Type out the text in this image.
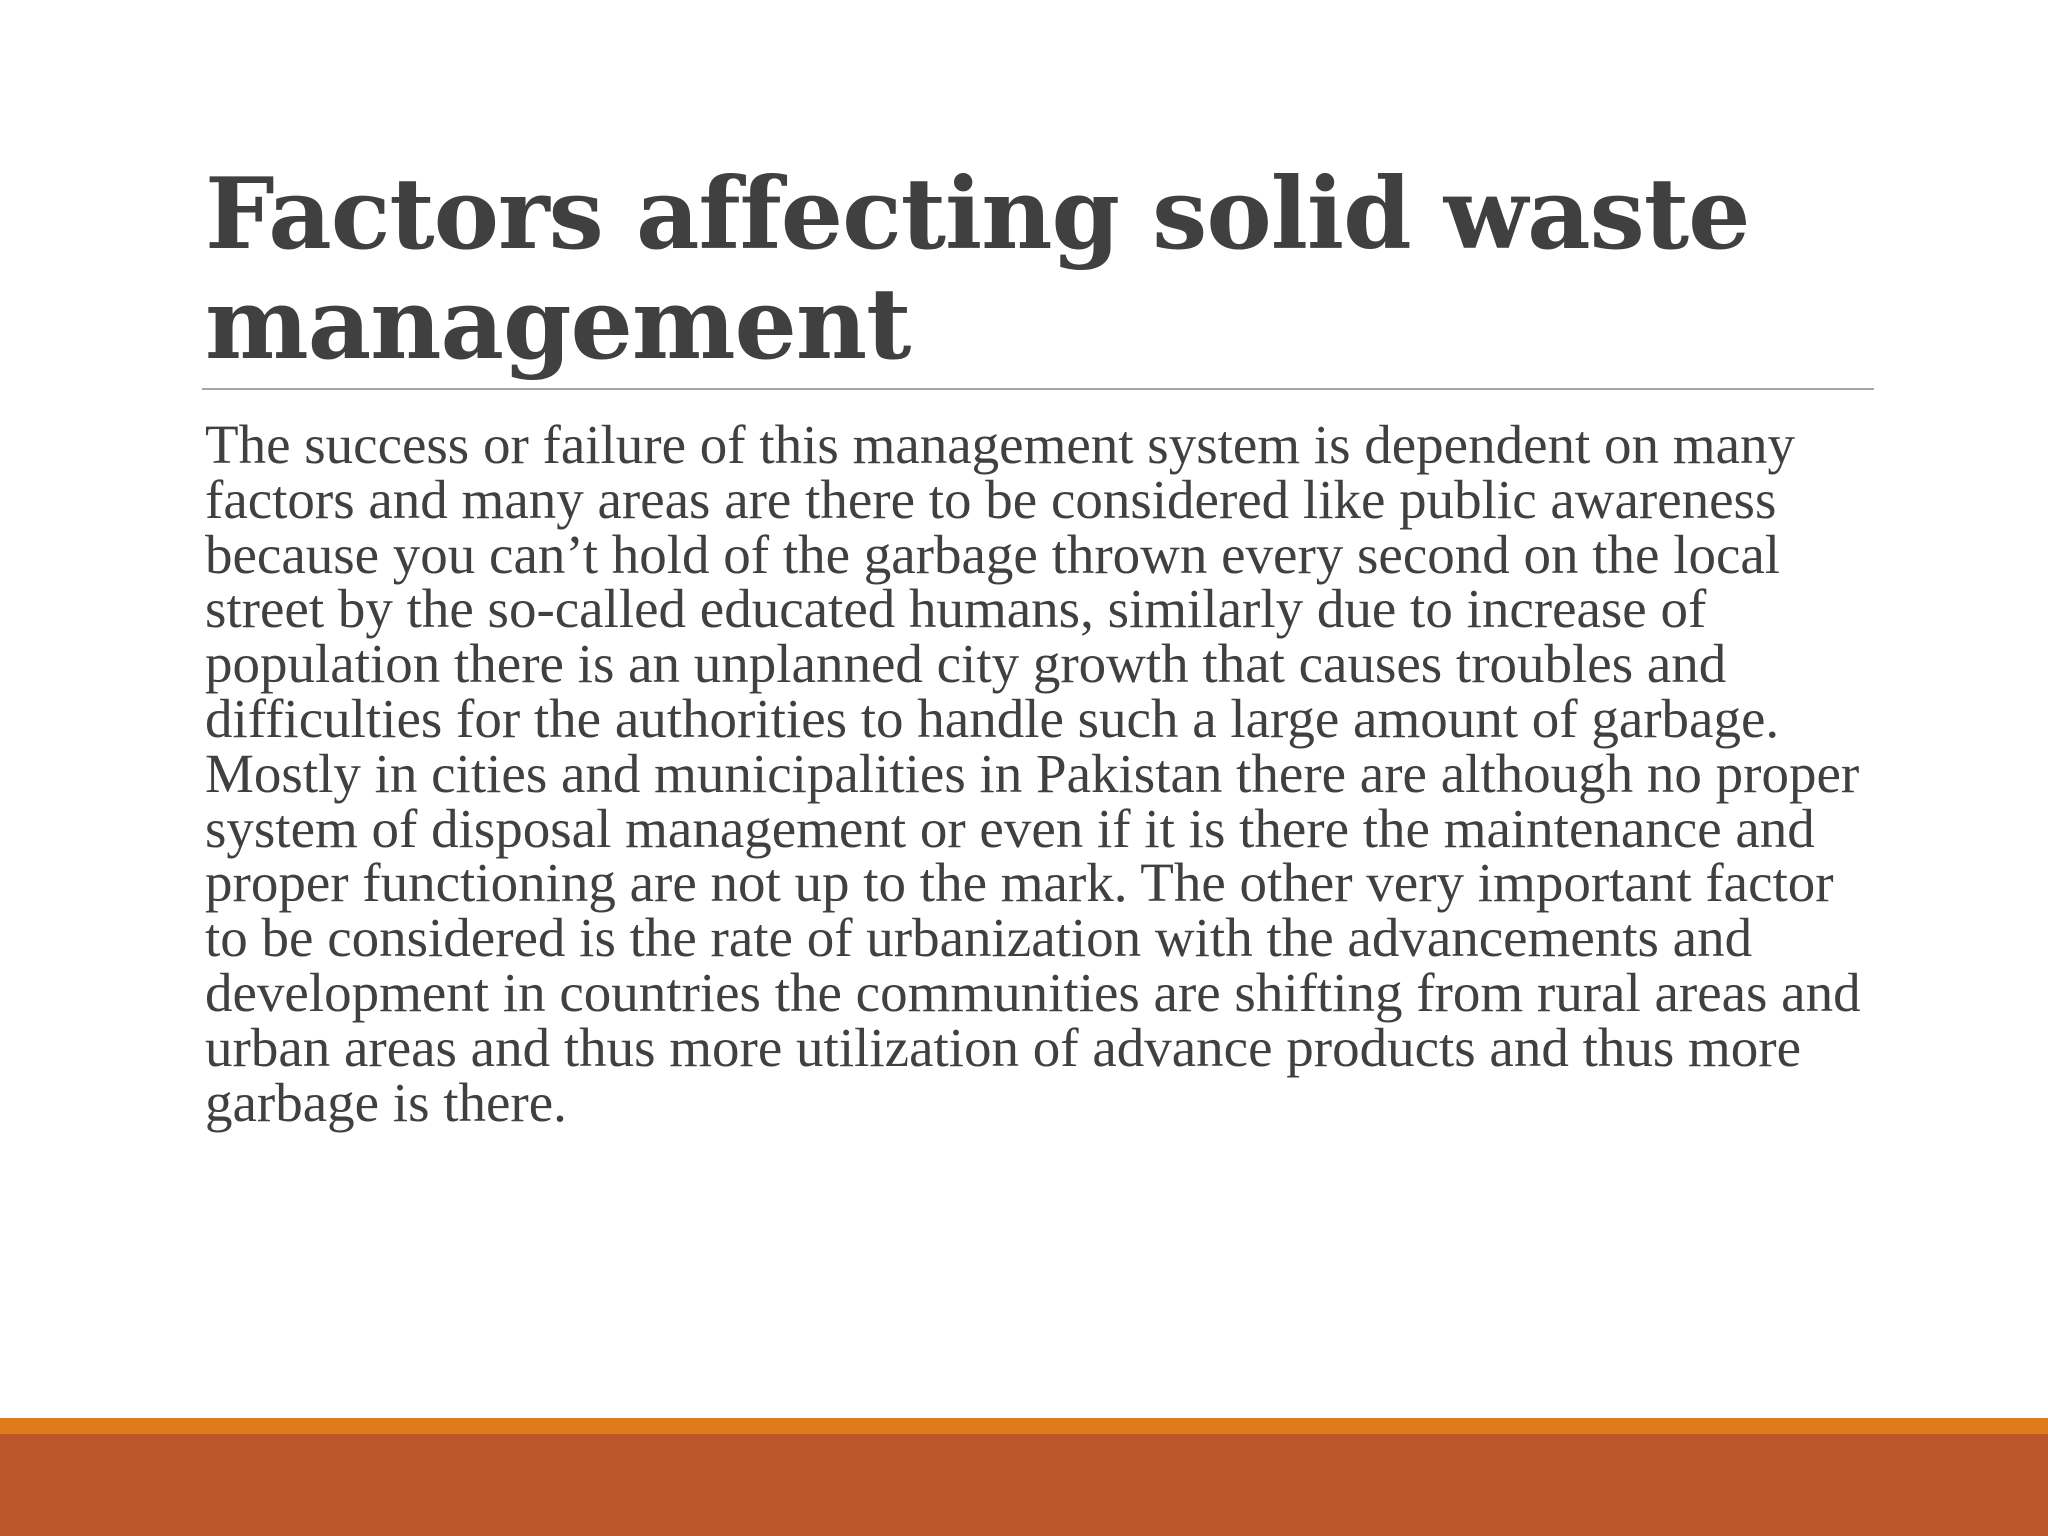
Factors affecting solid waste management

The success or failure of this management system is dependent on many factors and many areas are there to be considered like public awareness because you can’t hold of the garbage thrown every second on the local street by the so-called educated humans, similarly due to increase of population there is an unplanned city growth that causes troubles and difficulties for the authorities to handle such a large amount of garbage. Mostly in cities and municipalities in Pakistan there are although no proper system of disposal management or even if it is there the maintenance and proper functioning are not up to the mark. The other very important factor to be considered is the rate of urbanization with the advancements and development in countries the communities are shifting from rural areas and urban areas and thus more utilization of advance products and thus more garbage is there.
